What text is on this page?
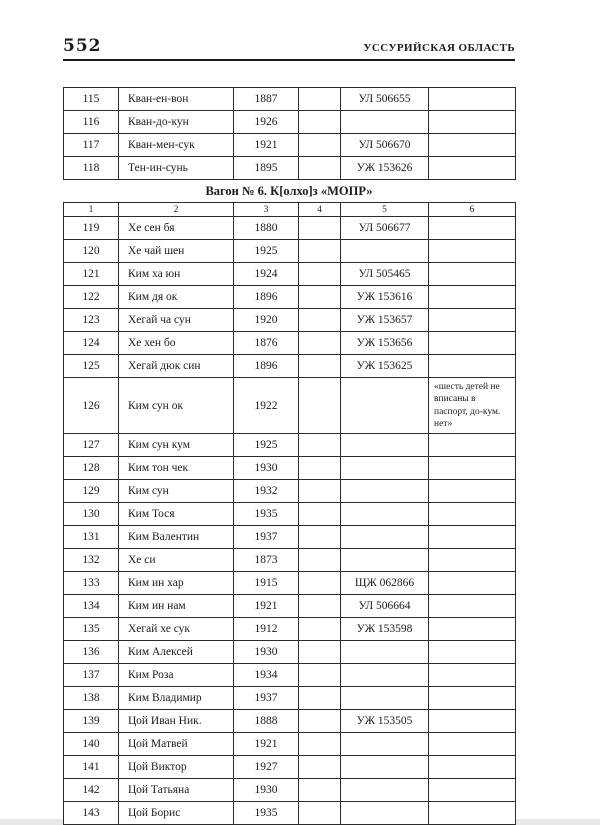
552	УССУРИЙСКАЯ ОБЛАСТЬ
115	Кван-ен-вон	1887		УЛ 506655	
116	Кван-до-кун	1926			
117	Кван-мен-сук	1921		УЛ 506670	
118	Тен-ин-сунь	1895		УЖ 153626	
Вагон № 6. К[олхо]з «МОПР»
1	2	3	4	5	6
119	Хе сен бя	1880		УЛ 506677	
120	Хе чай шен	1925			
121	Ким ха юн	1924		УЛ 505465	
122	Ким дя ок	1896		УЖ 153616	
123	Хегай ча сун	1920		УЖ 153657	
124	Хе хен бо	1876		УЖ 153656	
125	Хегай дюк син	1896		УЖ 153625	
126	Ким сун ок	1922			«шесть детей не вписаны в паспорт, до-кум. нет»
127	Ким сун кум	1925			
128	Ким тон чек	1930			
129	Ким сун	1932			
130	Ким Тося	1935			
131	Ким Валентин	1937			
132	Хе си	1873			
133	Ким ин хар	1915		ЩЖ 062866	
134	Ким ин нам	1921		УЛ 506664	
135	Хегай хе сук	1912		УЖ 153598	
136	Ким Алексей	1930			
137	Ким Роза	1934			
138	Ким Владимир	1937			
139	Цой Иван Ник.	1888		УЖ 153505	
140	Цой Матвей	1921			
141	Цой Виктор	1927			
142	Цой Татьяна	1930			
143	Цой Борис	1935			
